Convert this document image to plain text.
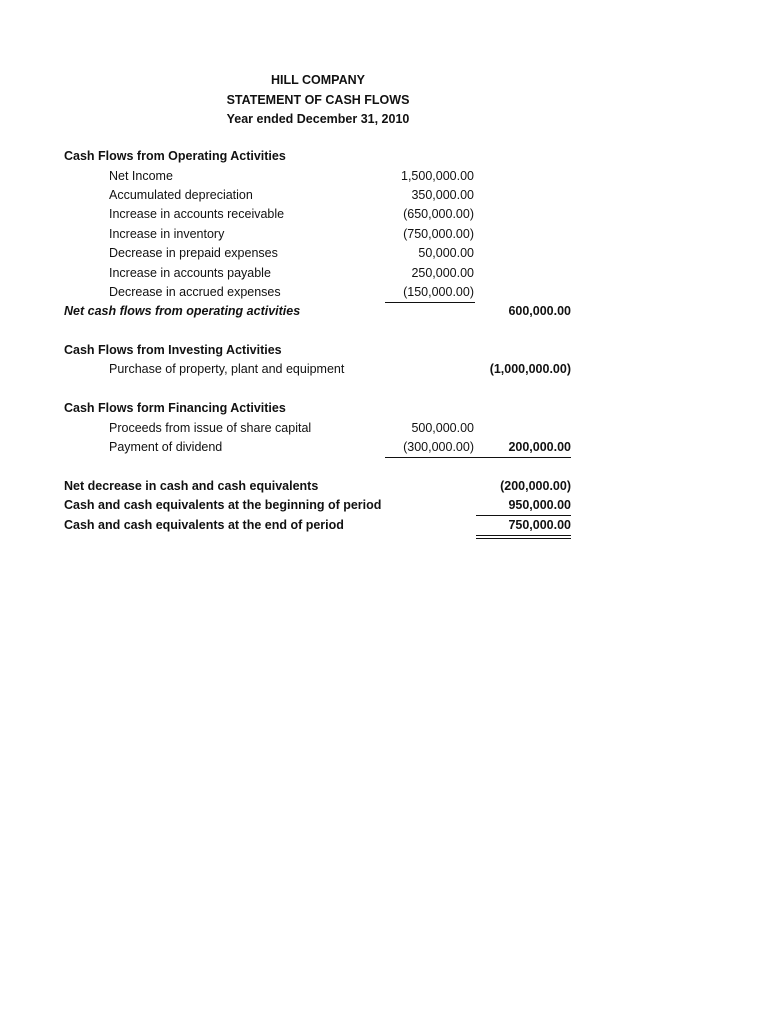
HILL COMPANY
STATEMENT OF CASH FLOWS
Year ended December 31, 2010
Cash Flows from Operating Activities
Net Income	1,500,000.00
Accumulated depreciation	350,000.00
Increase in accounts receivable	(650,000.00)
Increase in inventory	(750,000.00)
Decrease in prepaid expenses	50,000.00
Increase in accounts payable	250,000.00
Decrease in accrued expenses	(150,000.00)
Net cash flows from operating activities	600,000.00
Cash Flows from Investing Activities
Purchase of property, plant and equipment	(1,000,000.00)
Cash Flows form Financing Activities
Proceeds from issue of share capital	500,000.00
Payment of dividend	(300,000.00)	200,000.00
Net decrease in cash and cash equivalents	(200,000.00)
Cash and cash equivalents at the beginning of period	950,000.00
Cash and cash equivalents at the end of period	750,000.00
